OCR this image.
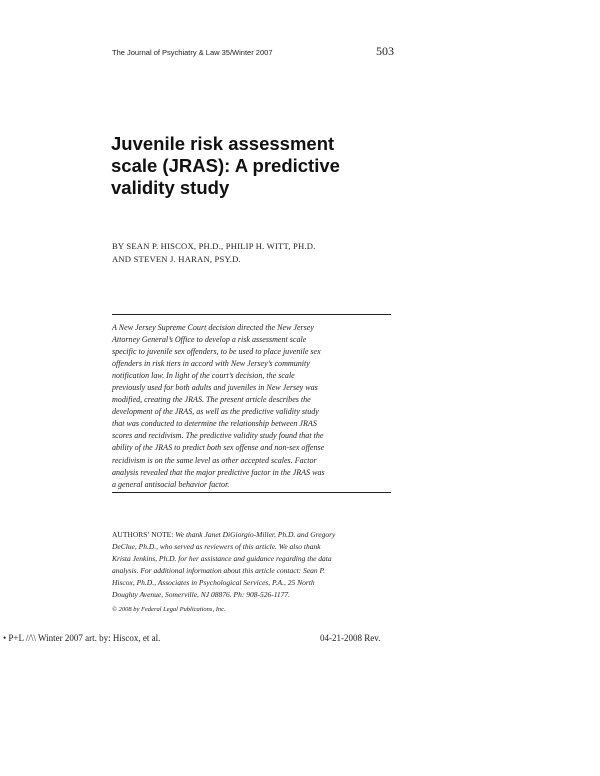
The Journal of Psychiatry & Law 35/Winter 2007	503
Juvenile risk assessment
scale (JRAS): A predictive
validity study
BY SEAN P. HISCOX, PH.D., PHILIP H. WITT, PH.D.
AND STEVEN J. HARAN, PSY.D.
A New Jersey Supreme Court decision directed the New Jersey
Attorney General’s Office to develop a risk assessment scale
specific to juvenile sex offenders, to be used to place juvenile sex
offenders in risk tiers in accord with New Jersey’s community
notification law. In light of the court’s decision, the scale
previously used for both adults and juveniles in New Jersey was
modified, creating the JRAS. The present article describes the
development of the JRAS, as well as the predictive validity study
that was conducted to determine the relationship between JRAS
scores and recidivism. The predictive validity study found that the
ability of the JRAS to predict both sex offense and non-sex offense
recidivism is on the same level as other accepted scales. Factor
analysis revealed that the major predictive factor in the JRAS was
a general antisocial behavior factor.
AUTHORS’ NOTE: We thank Janet DiGiorgio-Miller, Ph.D. and Gregory
DeClue, Ph.D., who served as reviewers of this article. We also thank
Krista Jenkins, Ph.D. for her assistance and guidance regarding the data
analysis. For additional information about this article contact: Sean P.
Hiscox, Ph.D., Associates in Psychological Services, P.A., 25 North
Doughty Avenue, Somerville, NJ 08876. Ph: 908-526-1177.
© 2008 by Federal Legal Publications, Inc.
• P+L //\\ Winter 2007 art. by: Hiscox, et al.	04-21-2008 Rev.
